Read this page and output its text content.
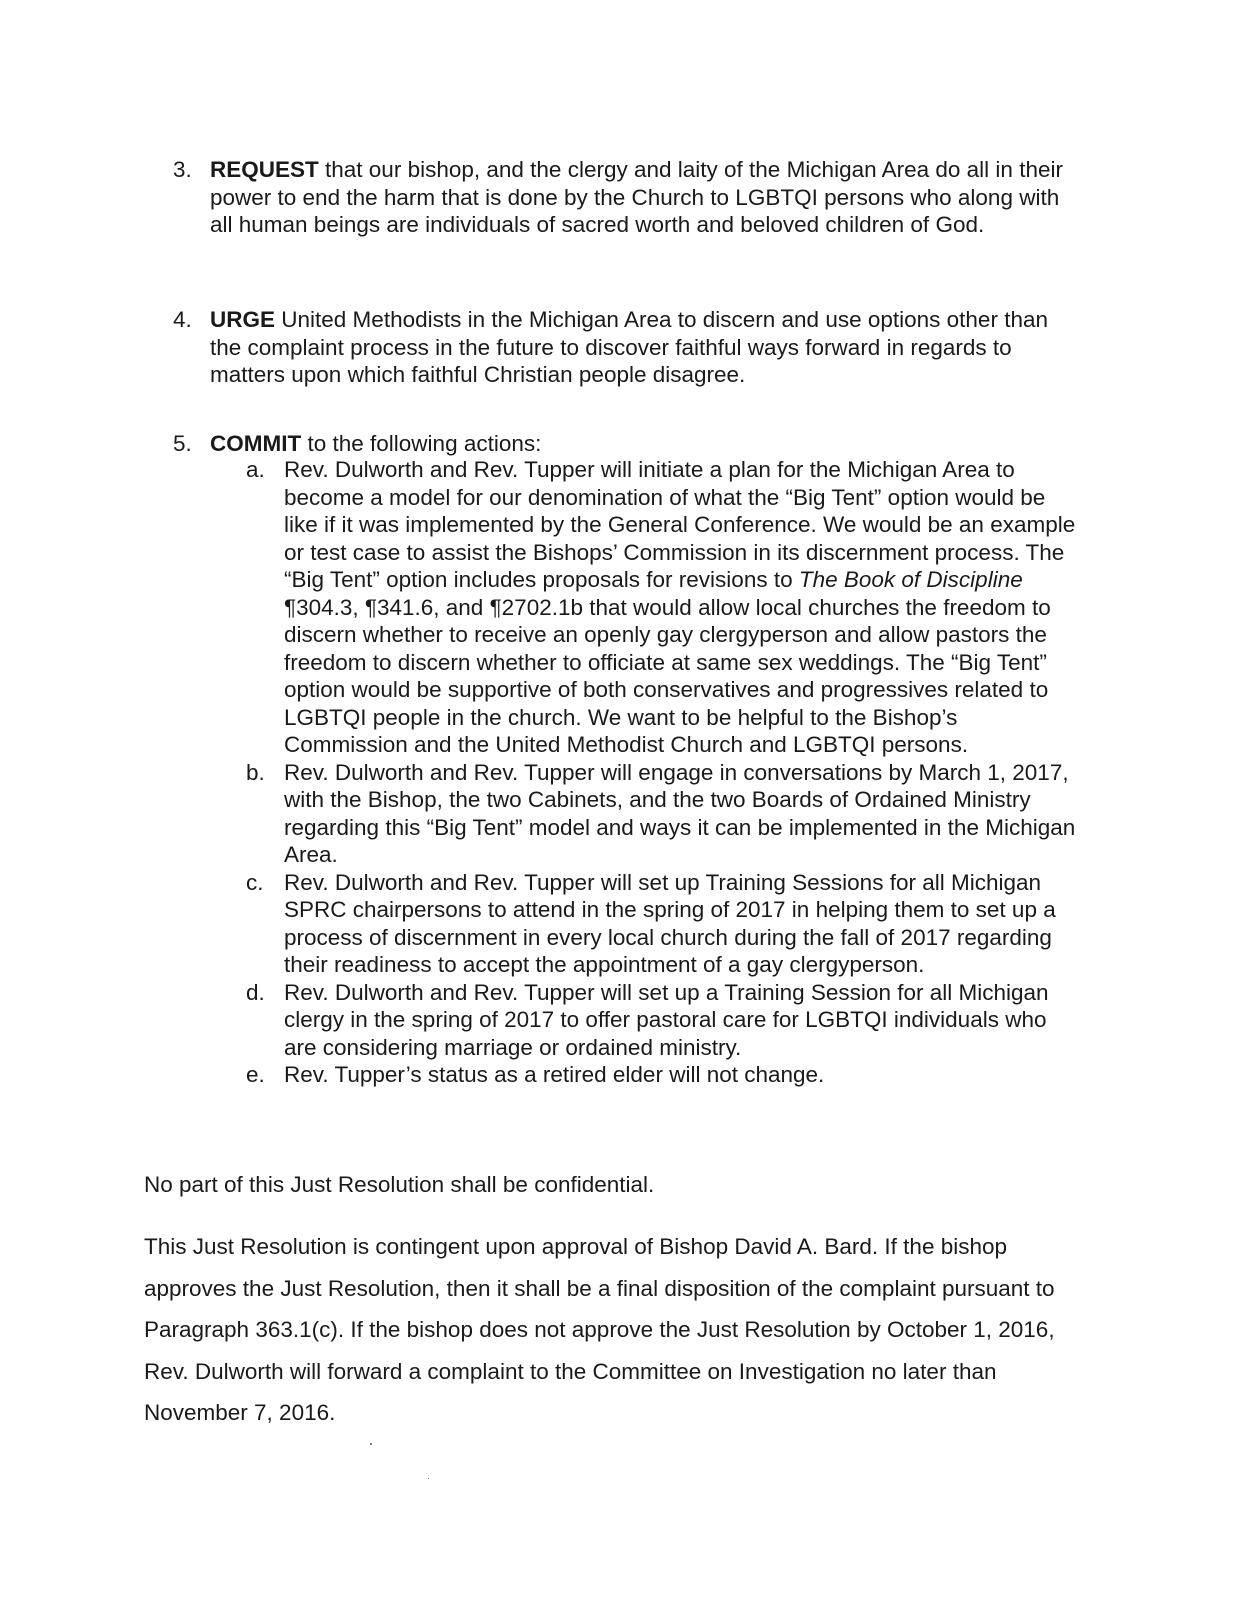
3. REQUEST that our bishop, and the clergy and laity of the Michigan Area do all in their power to end the harm that is done by the Church to LGBTQI persons who along with all human beings are individuals of sacred worth and beloved children of God.
4. URGE United Methodists in the Michigan Area to discern and use options other than the complaint process in the future to discover faithful ways forward in regards to matters upon which faithful Christian people disagree.
5. COMMIT to the following actions:
a. Rev. Dulworth and Rev. Tupper will initiate a plan for the Michigan Area to become a model for our denomination of what the “Big Tent” option would be like if it was implemented by the General Conference. We would be an example or test case to assist the Bishops’ Commission in its discernment process. The “Big Tent” option includes proposals for revisions to The Book of Discipline ¶304.3, ¶341.6, and ¶2702.1b that would allow local churches the freedom to discern whether to receive an openly gay clergyperson and allow pastors the freedom to discern whether to officiate at same sex weddings. The “Big Tent” option would be supportive of both conservatives and progressives related to LGBTQI people in the church. We want to be helpful to the Bishop’s Commission and the United Methodist Church and LGBTQI persons.
b. Rev. Dulworth and Rev. Tupper will engage in conversations by March 1, 2017, with the Bishop, the two Cabinets, and the two Boards of Ordained Ministry regarding this “Big Tent” model and ways it can be implemented in the Michigan Area.
c. Rev. Dulworth and Rev. Tupper will set up Training Sessions for all Michigan SPRC chairpersons to attend in the spring of 2017 in helping them to set up a process of discernment in every local church during the fall of 2017 regarding their readiness to accept the appointment of a gay clergyperson.
d. Rev. Dulworth and Rev. Tupper will set up a Training Session for all Michigan clergy in the spring of 2017 to offer pastoral care for LGBTQI individuals who are considering marriage or ordained ministry.
e. Rev. Tupper’s status as a retired elder will not change.

No part of this Just Resolution shall be confidential.

This Just Resolution is contingent upon approval of Bishop David A. Bard. If the bishop approves the Just Resolution, then it shall be a final disposition of the complaint pursuant to Paragraph 363.1(c). If the bishop does not approve the Just Resolution by October 1, 2016, Rev. Dulworth will forward a complaint to the Committee on Investigation no later than November 7, 2016.
